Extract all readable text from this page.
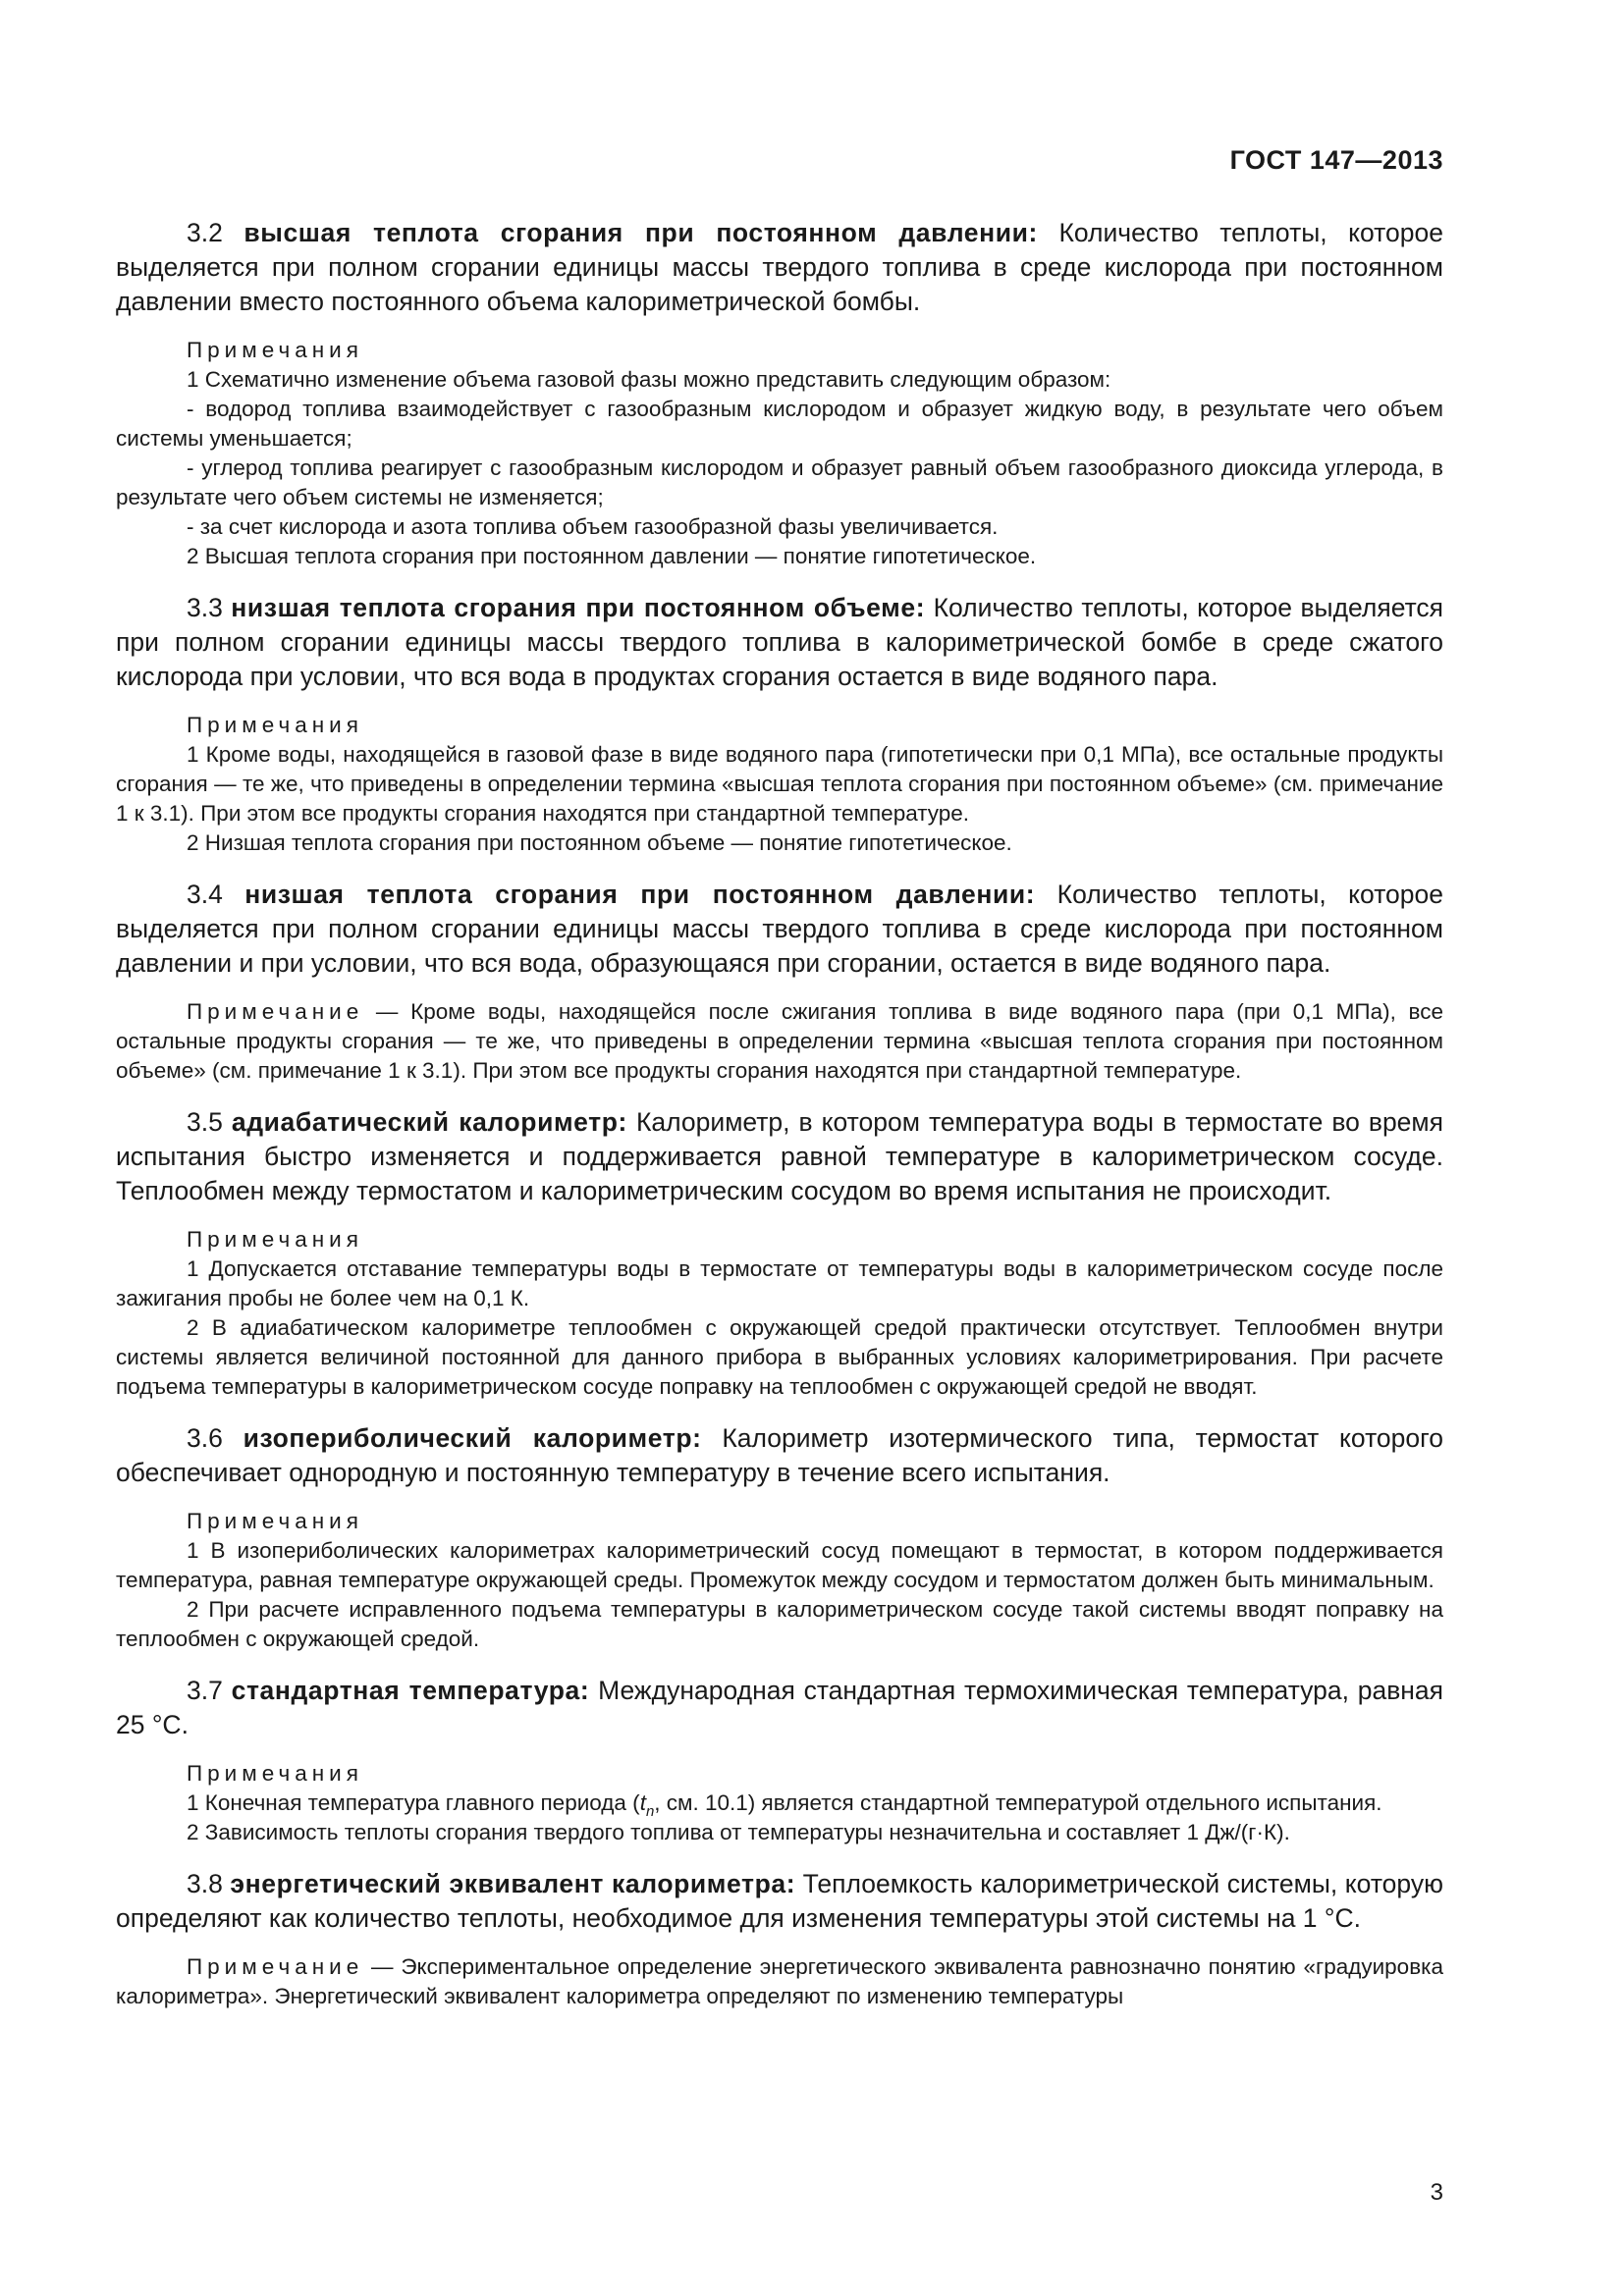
ГОСТ 147—2013

3.2 высшая теплота сгорания при постоянном давлении: Количество теплоты, которое выделяется при полном сгорании единицы массы твердого топлива в среде кислорода при постоянном давлении вместо постоянного объема калориметрической бомбы.

Примечания
1 Схематично изменение объема газовой фазы можно представить следующим образом:
- водород топлива взаимодействует с газообразным кислородом и образует жидкую воду, в результате чего объем системы уменьшается;
- углерод топлива реагирует с газообразным кислородом и образует равный объем газообразного диоксида углерода, в результате чего объем системы не изменяется;
- за счет кислорода и азота топлива объем газообразной фазы увеличивается.
2 Высшая теплота сгорания при постоянном давлении — понятие гипотетическое.

3.3 низшая теплота сгорания при постоянном объеме: Количество теплоты, которое выделяется при полном сгорании единицы массы твердого топлива в калориметрической бомбе в среде сжатого кислорода при условии, что вся вода в продуктах сгорания остается в виде водяного пара.

Примечания
1 Кроме воды, находящейся в газовой фазе в виде водяного пара (гипотетически при 0,1 МПа), все остальные продукты сгорания — те же, что приведены в определении термина «высшая теплота сгорания при постоянном объеме» (см. примечание 1 к 3.1). При этом все продукты сгорания находятся при стандартной температуре.
2 Низшая теплота сгорания при постоянном объеме — понятие гипотетическое.

3.4 низшая теплота сгорания при постоянном давлении: Количество теплоты, которое выделяется при полном сгорании единицы массы твердого топлива в среде кислорода при постоянном давлении и при условии, что вся вода, образующаяся при сгорании, остается в виде водяного пара.

Примечание — Кроме воды, находящейся после сжигания топлива в виде водяного пара (при 0,1 МПа), все остальные продукты сгорания — те же, что приведены в определении термина «высшая теплота сгорания при постоянном объеме» (см. примечание 1 к 3.1). При этом все продукты сгорания находятся при стандартной температуре.

3.5 адиабатический калориметр: Калориметр, в котором температура воды в термостате во время испытания быстро изменяется и поддерживается равной температуре в калориметрическом сосуде. Теплообмен между термостатом и калориметрическим сосудом во время испытания не происходит.

Примечания
1 Допускается отставание температуры воды в термостате от температуры воды в калориметрическом сосуде после зажигания пробы не более чем на 0,1 К.
2 В адиабатическом калориметре теплообмен с окружающей средой практически отсутствует. Теплообмен внутри системы является величиной постоянной для данного прибора в выбранных условиях калориметрирования. При расчете подъема температуры в калориметрическом сосуде поправку на теплообмен с окружающей средой не вводят.

3.6 изопериболический калориметр: Калориметр изотермического типа, термостат которого обеспечивает однородную и постоянную температуру в течение всего испытания.

Примечания
1 В изопериболических калориметрах калориметрический сосуд помещают в термостат, в котором поддерживается температура, равная температуре окружающей среды. Промежуток между сосудом и термостатом должен быть минимальным.
2 При расчете исправленного подъема температуры в калориметрическом сосуде такой системы вводят поправку на теплообмен с окружающей средой.

3.7 стандартная температура: Международная стандартная термохимическая температура, равная 25 °С.

Примечания
1 Конечная температура главного периода ($t_n$, см. 10.1) является стандартной температурой отдельного испытания.
2 Зависимость теплоты сгорания твердого топлива от температуры незначительна и составляет 1 Дж/(г·К).

3.8 энергетический эквивалент калориметра: Теплоемкость калориметрической системы, которую определяют как количество теплоты, необходимое для изменения температуры этой системы на 1 °С.

Примечание — Экспериментальное определение энергетического эквивалента равнозначно понятию «градуировка калориметра». Энергетический эквивалент калориметра определяют по изменению температуры
3
